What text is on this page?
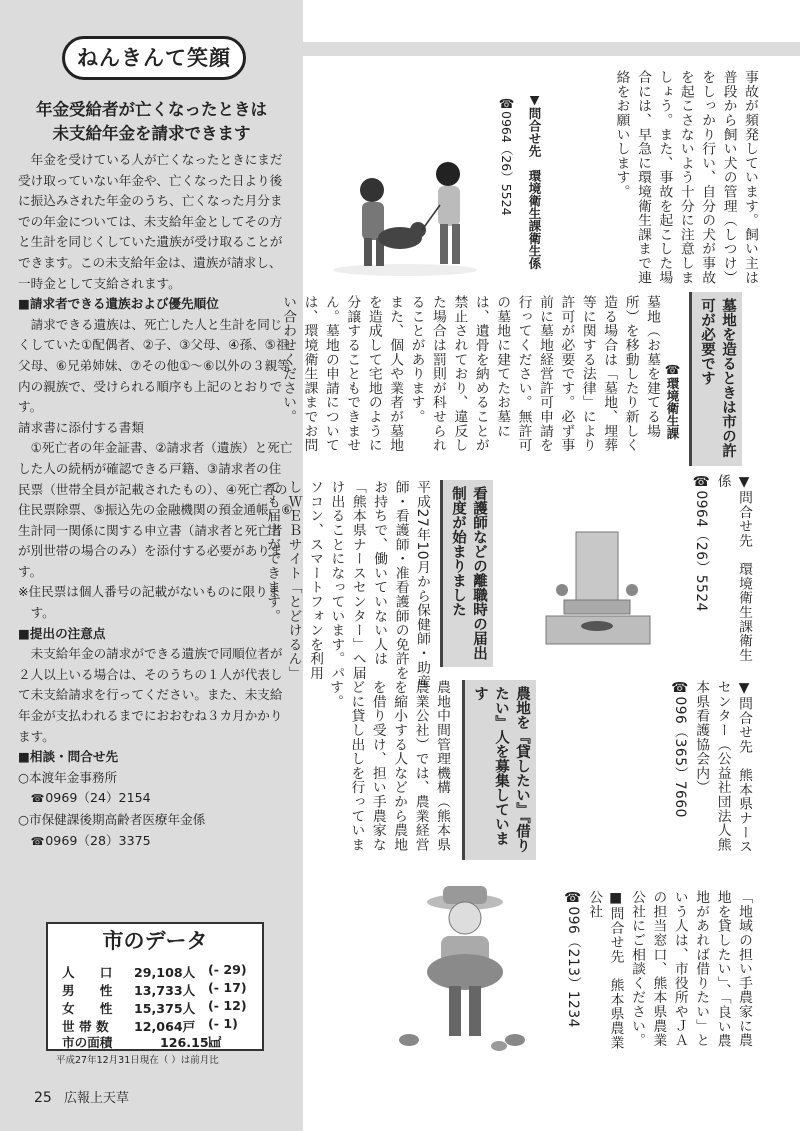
ねんきんて笑顔
年金受給者が亡くなったときは
未支給年金を請求できます

年金を受けている人が亡くなったときにまだ受け取っていない年金や、亡くなった日より後に振込みされた年金のうち、亡くなった月分までの年金については、未支給年金としてその方と生計を同じくしていた遺族が受け取ることができます。この未支給年金は、遺族が請求し、一時金として支給されます。

■請求者できる遺族および優先順位

請求できる遺族は、死亡した人と生計を同じくしていた①配偶者、②子、③父母、④孫、⑤祖父母、⑥兄弟姉妹、⑦その他①～⑥以外の３親等内の親族で、受けられる順序も上記のとおりです。

請求書に添付する書類

①死亡者の年金証書、②請求者（遺族）と死亡した人の続柄が確認できる戸籍、③請求者の住民票（世帯全員が記載されたもの）、④死亡者の住民票除票、⑤振込先の金融機関の預金通帳、⑥生計同一関係に関する申立書（請求者と死亡者が別世帯の場合のみ）を添付する必要があります。

※住民票は個人番号の記載がないものに限ります。

■提出の注意点

未支給年金の請求ができる遺族で同順位者が２人以上いる場合は、そのうちの１人が代表して未支給請求を行ってください。また、未支給年金が支払われるまでにおおむね３カ月かかります。

■相談・問合せ先

○本渡年金事務所

☎ 0969（24）2154

○市保健課後期高齢者医療年金係

☎ 0969（28）3375

市のデータ
人　　口 29,108人 (- 29)
男　　性 13,733人 (- 17)
女　　性 15,375人 (- 12)
世 帯 数 12,064戸 (- 1)
市の面積	126.15㎢
平成27年12月31日現在（ ）は前月比
25 広報上天草
事故が頻発しています。飼い主は普段から飼い犬の管理（しつけ）をしっかり行い、自分の犬が事故を起こさないよう十分に注意しましょう。また、事故を起こした場合には、早急に環境衛生課まで連絡をお願いします。
▼問合せ先　環境衛生課衛生係
☎0964（26）5524
墓地を造るときは市の許可が必要です
☎環境衛生課
墓地（お墓を建てる場所）を移動したり新しく造る場合は「墓地、埋葬等に関する法律」により許可が必要です。必ず事前に墓地経営許可申請を行ってください。無許可の墓地に建てたお墓には、遺骨を納めることが禁止されており、違反した場合は罰則が科せられることがあります。
また、個人や業者が墓地を造成して宅地のように分譲することもできません。墓地の申請については、環境衛生課までお問い合わせください。
▼問合せ先　環境衛生課衛生係
☎0964（26）5524
看護師などの離職時の届出制度が始まりました
平成27年10月から保健師・助産師・看護師・准看護師の免許をお持ちで、働いていない人は「熊本県ナースセンター」へ届け出ることになっています。パソコン、スマートフォンを利用しＷＥＢサイト「とどけるん」でも届出ができます。
▼問合せ先　熊本県ナースセンター（公益社団法人熊本県看護協会内）
☎096（365）7660
農地を『貸したい』『借りたい』人を募集しています
農地中間管理機構（熊本県農業公社）では、農業経営を縮小する人などから農地を借り受け、担い手農家などに貸し出しを行っています。
「地域の担い手農家に農地を貸したい」、「良い農地があれば借りたい」という人は、市役所やＪＡの担当窓口、熊本県農業公社にご相談ください。
■問合せ先　熊本県農業公社
☎096（213）1234
